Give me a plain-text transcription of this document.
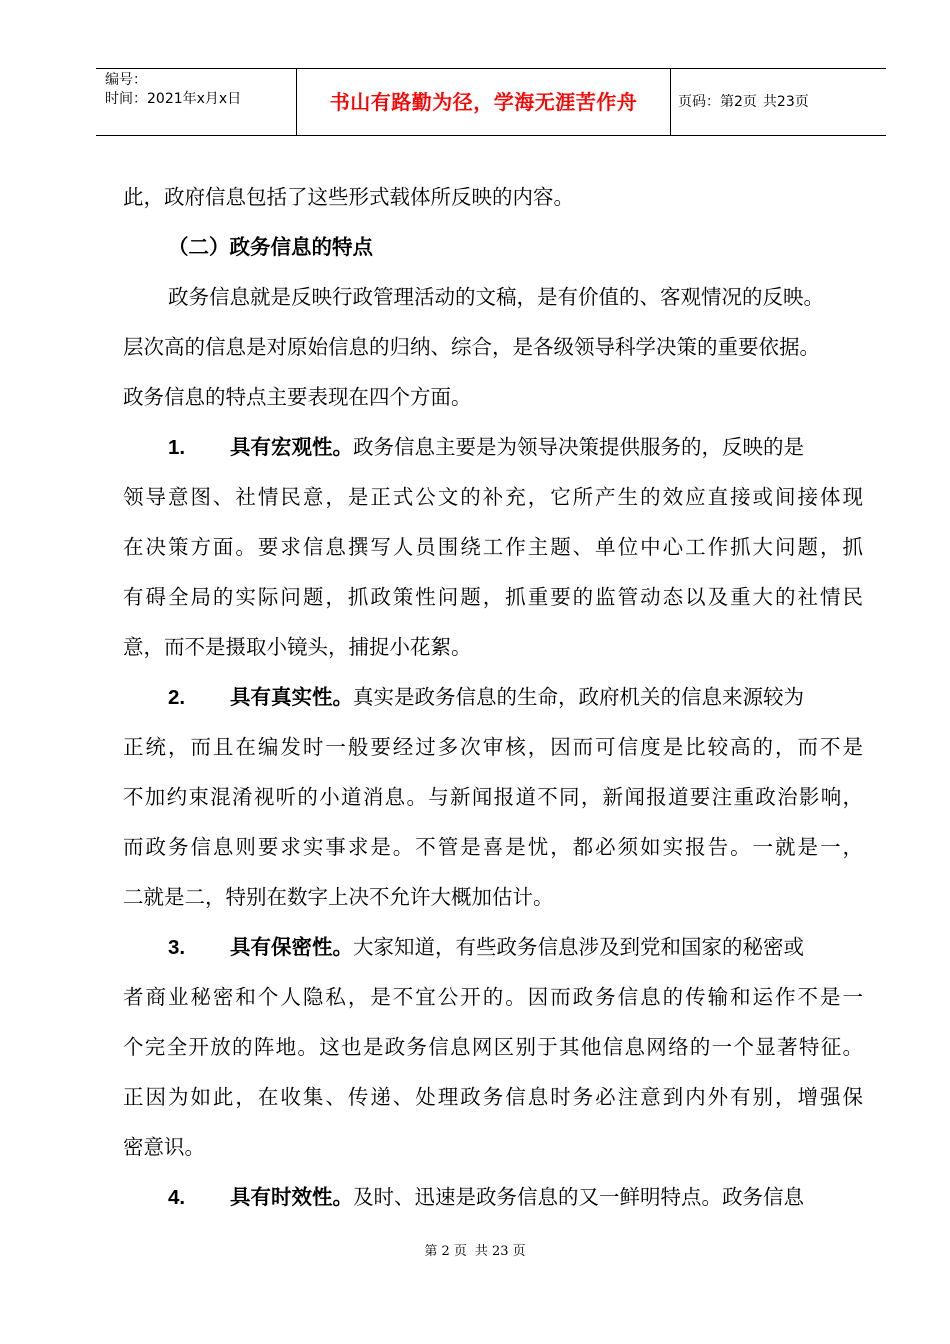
编号：
时间：2021年x月x日	书山有路勤为径，学海无涯苦作舟	页码：第2页 共23页
此，政府信息包括了这些形式载体所反映的内容。
（二）政务信息的特点
政务信息就是反映行政管理活动的文稿，是有价值的、客观情况的反映。
层次高的信息是对原始信息的归纳、综合，是各级领导科学决策的重要依据。
政务信息的特点主要表现在四个方面。
1. 具有宏观性。政务信息主要是为领导决策提供服务的，反映的是
领导意图、社情民意，是正式公文的补充，它所产生的效应直接或间接体现
在决策方面。要求信息撰写人员围绕工作主题、单位中心工作抓大问题，抓
有碍全局的实际问题，抓政策性问题，抓重要的监管动态以及重大的社情民
意，而不是摄取小镜头，捕捉小花絮。
2. 具有真实性。真实是政务信息的生命，政府机关的信息来源较为
正统，而且在编发时一般要经过多次审核，因而可信度是比较高的，而不是
不加约束混淆视听的小道消息。与新闻报道不同，新闻报道要注重政治影响，
而政务信息则要求实事求是。不管是喜是忧，都必须如实报告。一就是一，
二就是二，特别在数字上决不允许大概加估计。
3. 具有保密性。大家知道，有些政务信息涉及到党和国家的秘密或
者商业秘密和个人隐私，是不宜公开的。因而政务信息的传输和运作不是一
个完全开放的阵地。这也是政务信息网区别于其他信息网络的一个显著特征。
正因为如此，在收集、传递、处理政务信息时务必注意到内外有别，增强保
密意识。
4. 具有时效性。及时、迅速是政务信息的又一鲜明特点。政务信息
第 2 页 共 23 页
